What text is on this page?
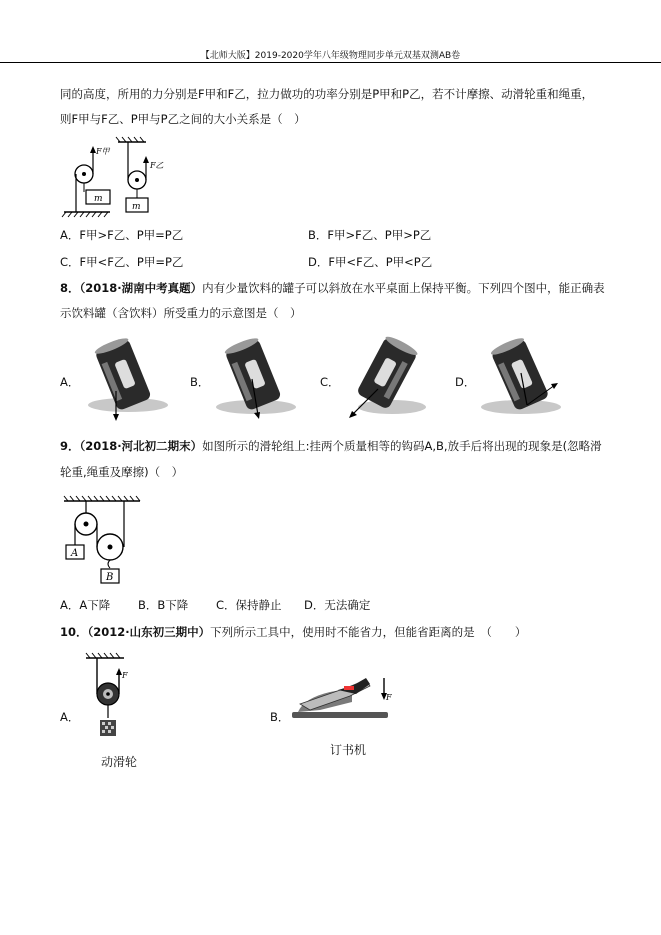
【北师大版】2019-2020学年八年级物理同步单元双基双测AB卷
同的高度，所用的力分别是F甲和F乙，拉力做功的功率分别是P甲和P乙，若不计摩擦、动滑轮重和绳重，
则F甲与F乙、P甲与P乙之间的大小关系是（　）
F甲
m
F乙
m
A．F甲>F乙、P甲=P乙	B．F甲>F乙、P甲>P乙
C．F甲<F乙、P甲=P乙	D．F甲<F乙、P甲<P乙
8．（2018·湖南中考真题）内有少量饮料的罐子可以斜放在水平桌面上保持平衡。下列四个图中，能正确表
示饮料罐（含饮料）所受重力的示意图是（　）
A．	B．	C．	D．
9．（2018·河北初二期末）如图所示的滑轮组上:挂两个质量相等的钩码A,B,放手后将出现的现象是(忽略滑
轮重,绳重及摩擦)（　）
A
B
A．A下降 B．B下降 C．保持静止 D．无法确定
10．（2012·山东初三期中）下列所示工具中，使用时不能省力，但能省距离的是　（　　）
F
A．
动滑轮
F
B．
订书机
